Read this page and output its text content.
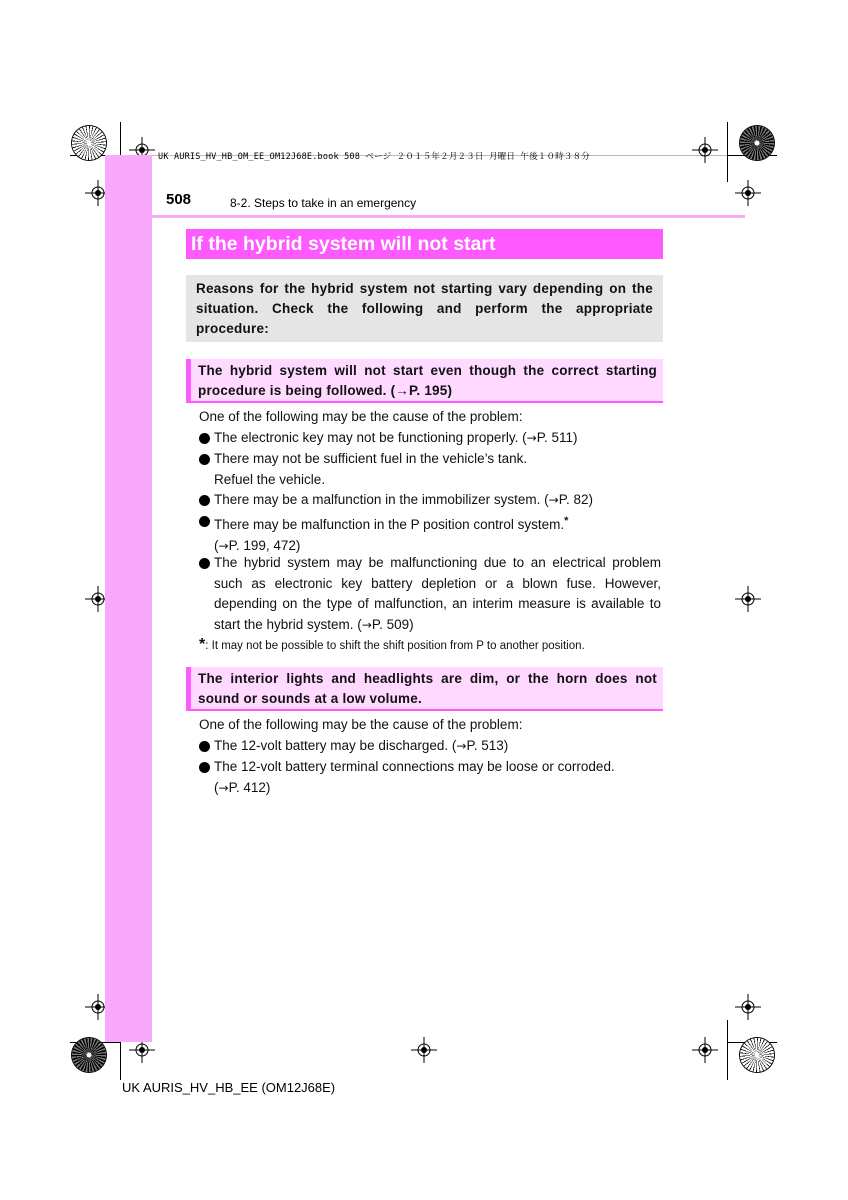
UK AURIS_HV_HB_OM_EE_OM12J68E.book 508 ページ ２０１５年２月２３日 月曜日 午後１０時３８分
508	8-2. Steps to take in an emergency
If the hybrid system will not start
Reasons for the hybrid system not starting vary depending on the situation. Check the following and perform the appropriate procedure:
The hybrid system will not start even though the correct starting procedure is being followed. (→P. 195)
One of the following may be the cause of the problem:
The electronic key may not be functioning properly. (→P. 511)
There may not be sufficient fuel in the vehicle’s tank.
Refuel the vehicle.
There may be a malfunction in the immobilizer system. (→P. 82)
There may be malfunction in the P position control system.*
(→P. 199, 472)
The hybrid system may be malfunctioning due to an electrical problem such as electronic key battery depletion or a blown fuse. However, depending on the type of malfunction, an interim measure is available to start the hybrid system. (→P. 509)
*: It may not be possible to shift the shift position from P to another position.
The interior lights and headlights are dim, or the horn does not sound or sounds at a low volume.
One of the following may be the cause of the problem:
The 12-volt battery may be discharged. (→P. 513)
The 12-volt battery terminal connections may be loose or corroded.
(→P. 412)
UK AURIS_HV_HB_EE (OM12J68E)
